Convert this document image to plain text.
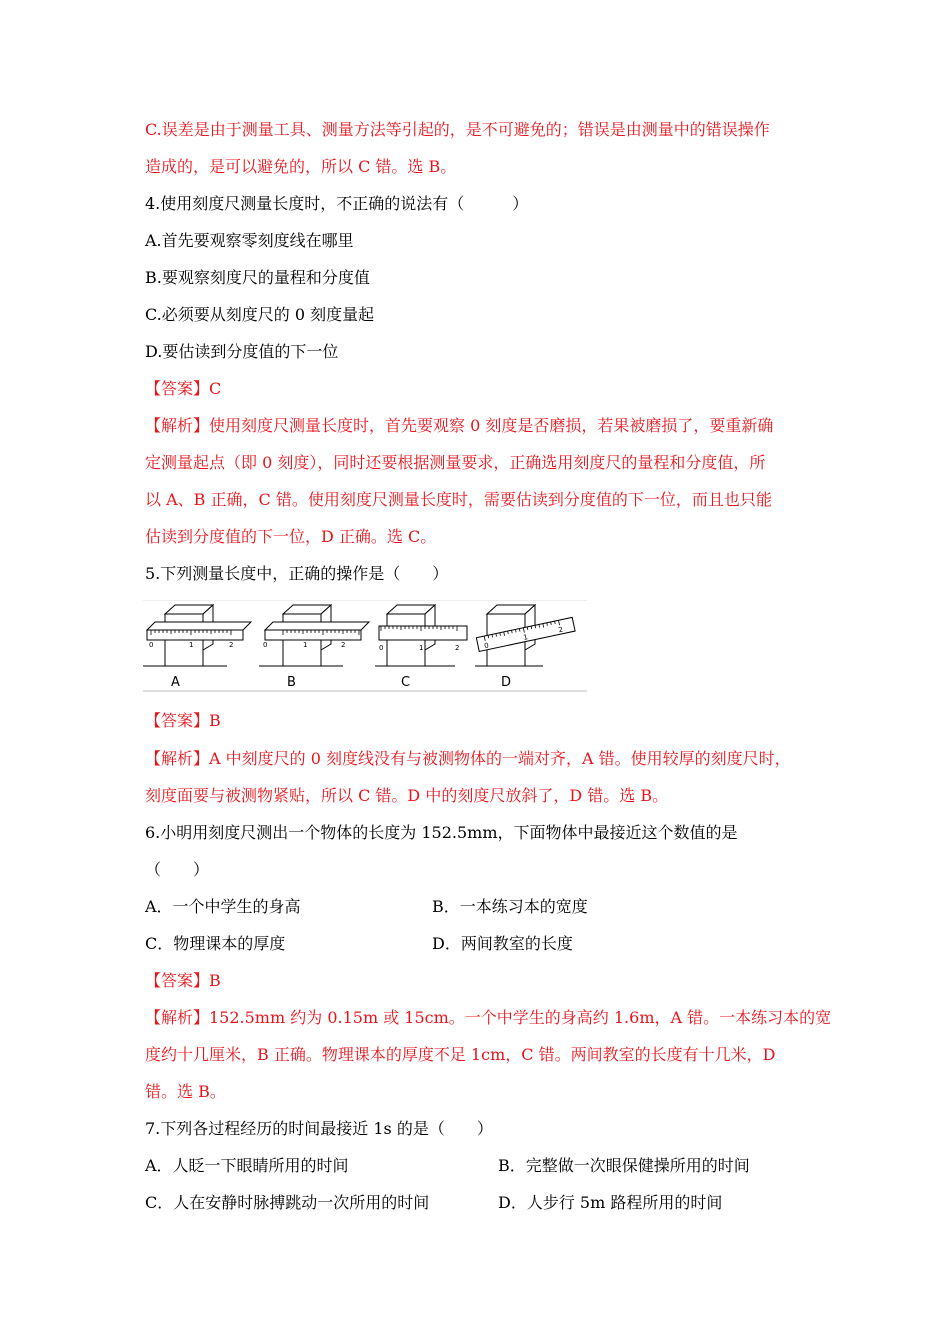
C.误差是由于测量工具、测量方法等引起的，是不可避免的；错误是由测量中的错误操作
造成的，是可以避免的，所以 C 错。选 B。
4.使用刻度尺测量长度时，不正确的说法有（　　　）
A.首先要观察零刻度线在哪里
B.要观察刻度尺的量程和分度值
C.必须要从刻度尺的 0 刻度量起
D.要估读到分度值的下一位
【答案】C
【解析】使用刻度尺测量长度时，首先要观察 0 刻度是否磨损，若果被磨损了，要重新确
定测量起点（即 0 刻度），同时还要根据测量要求，正确选用刻度尺的量程和分度值，所
以 A、B 正确，C 错。使用刻度尺测量长度时，需要估读到分度值的下一位，而且也只能
估读到分度值的下一位，D 正确。选 C。
5.下列测量长度中，正确的操作是（　　）
0	1	2
A
0	1	2
B
0	1	2
C
0
1
2
D
【答案】B
【解析】A 中刻度尺的 0 刻度线没有与被测物体的一端对齐，A 错。使用较厚的刻度尺时，
刻度面要与被测物紧贴，所以 C 错。D 中的刻度尺放斜了，D 错。选 B。
6.小明用刻度尺测出一个物体的长度为 152.5mm，下面物体中最接近这个数值的是
（　　）
A．一个中学生的身高	B．一本练习本的宽度
C．物理课本的厚度	D．两间教室的长度
【答案】B
【解析】152.5mm 约为 0.15m 或 15cm。一个中学生的身高约 1.6m，A 错。一本练习本的宽
度约十几厘米，B 正确。物理课本的厚度不足 1cm，C 错。两间教室的长度有十几米，D
错。选 B。
7.下列各过程经历的时间最接近 1s 的是（　　）
A．人眨一下眼睛所用的时间	B．完整做一次眼保健操所用的时间
C．人在安静时脉搏跳动一次所用的时间	D．人步行 5m 路程所用的时间
